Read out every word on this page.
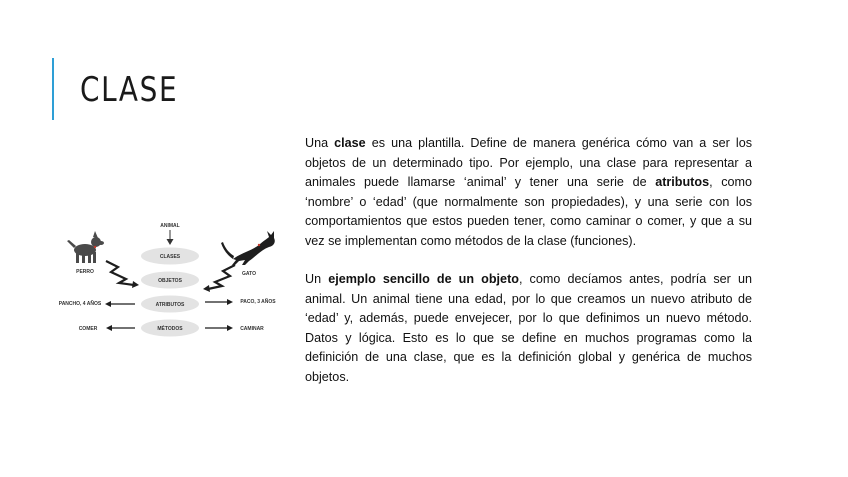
CLASE
ANIMAL
CLASES
OBJETOS
ATRIBUTOS
MÉTODOS
PERRO	GATO
PANCHO, 4 AÑOS	PACO, 3 AÑOS
COMER	CAMINAR

Una clase es una plantilla. Define de manera genérica cómo van a ser los objetos de un determinado tipo. Por ejemplo, una clase para representar a animales puede llamarse ‘animal’ y tener una serie de atributos, como ‘nombre’ o ‘edad’ (que normalmente son propiedades), y una serie con los comportamientos que estos pueden tener, como caminar o comer, y que a su vez se implementan como métodos de la clase (funciones).

Un ejemplo sencillo de un objeto, como decíamos antes, podría ser un animal. Un animal tiene una edad, por lo que creamos un nuevo atributo de ‘edad’ y, además, puede envejecer, por lo que definimos un nuevo método. Datos y lógica. Esto es lo que se define en muchos programas como la definición de una clase, que es la definición global y genérica de muchos objetos.
